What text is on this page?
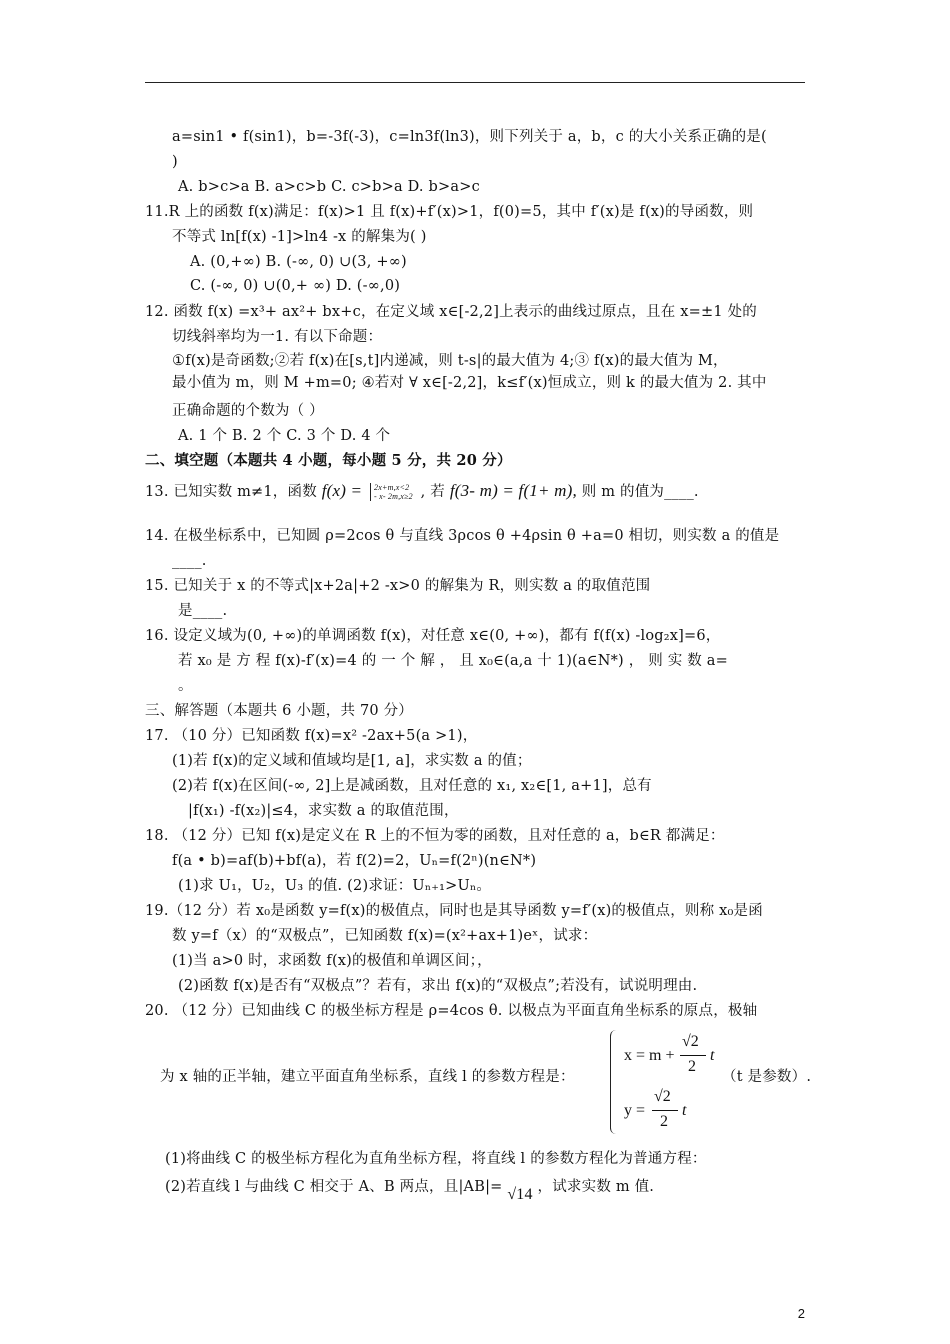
a=sin1 • f(sin1)，b=-3f(-3)，c=ln3f(ln3)，则下列关于 a，b，c 的大小关系正确的是(
)
A. b>c>a B. a>c>b C. c>b>a D. b>a>c
11.R 上的函数 f(x)满足：f(x)>1 且 f(x)+f′(x)>1，f(0)=5，其中 f′(x)是 f(x)的导函数，则
不等式 ln[f(x) -1]>ln4 -x 的解集为( )
A. (0,+∞) B. (-∞, 0) ∪(3, +∞)
C. (-∞, 0) ∪(0,+ ∞) D. (-∞,0)
12. 函数 f(x) =x³+ ax²+ bx+c，在定义域 x∈[-2,2]上表示的曲线过原点，且在 x=±1 处的
切线斜率均为一1. 有以下命题：
①f(x)是奇函数;②若 f(x)在[s,t]内递减，则 t-s|的最大值为 4;③ f(x)的最大值为 M，
最小值为 m，则 M +m=0; ④若对 ∀ x∈[-2,2]，k≤f′(x)恒成立，则 k 的最大值为 2. 其中
正确命题的个数为（ ）
A. 1 个 B. 2 个 C. 3 个 D. 4 个
二、填空题（本题共 4 小题，每小题 5 分，共 20 分）
13. 已知实数 m≠1，函数 f(x) = 2x+m,x<2
- x- 2m,x≥2 , 若 f(3- m) = f(1+ m), 则 m 的值为____.
14. 在极坐标系中，已知圆 ρ=2cos θ 与直线 3ρcos θ +4ρsin θ +a=0 相切，则实数 a 的值是
____.
15. 已知关于 x 的不等式|x+2a|+2 -x>0 的解集为 R，则实数 a 的取值范围
是____.
16. 设定义域为(0, +∞)的单调函数 f(x)，对任意 x∈(0, +∞)，都有 f(f(x) -log₂x]=6，
若 x₀ 是 方 程 f(x)-f′(x)=4 的 一 个 解 ， 且 x₀∈(a,a 十 1)(a∈N*) ， 则 实 数 a=
。
三、解答题（本题共 6 小题，共 70 分）
17. （10 分）已知函数 f(x)=x² -2ax+5(a >1)，
(1)若 f(x)的定义域和值域均是[1, a]，求实数 a 的值；
(2)若 f(x)在区间(-∞, 2]上是减函数，且对任意的 x₁, x₂∈[1, a+1]，总有
|f(x₁) -f(x₂)|≤4，求实数 a 的取值范围，
18. （12 分）已知 f(x)是定义在 R 上的不恒为零的函数，且对任意的 a，b∈R 都满足：
f(a • b)=af(b)+bf(a)，若 f(2)=2，Uₙ=f(2ⁿ)(n∈N*)
(1)求 U₁，U₂，U₃ 的值. (2)求证：Uₙ₊₁>Uₙ。
19.（12 分）若 x₀是函数 y=f(x)的极值点，同时也是其导函数 y=f′(x)的极值点，则称 x₀是函
数 y=f（x）的“双极点”，已知函数 f(x)=(x²+ax+1)eˣ，试求：
(1)当 a>0 时，求函数 f(x)的极值和单调区间；，
(2)函数 f(x)是否有“双极点”？若有，求出 f(x)的“双极点”;若没有，试说明理由.
20. （12 分）已知曲线 C 的极坐标方程是 ρ=4cos θ. 以极点为平面直角坐标系的原点，极轴
为 x 轴的正半轴，建立平面直角坐标系，直线 l 的参数方程是：
x = m +
√2
2
t
y =
√2
2
t
（t 是参数）.
(1)将曲线 C 的极坐标方程化为直角坐标方程，将直线 l 的参数方程化为普通方程：
(2)若直线 l 与曲线 C 相交于 A、B 两点，且|AB|= √14 ，试求实数 m 值.
2
